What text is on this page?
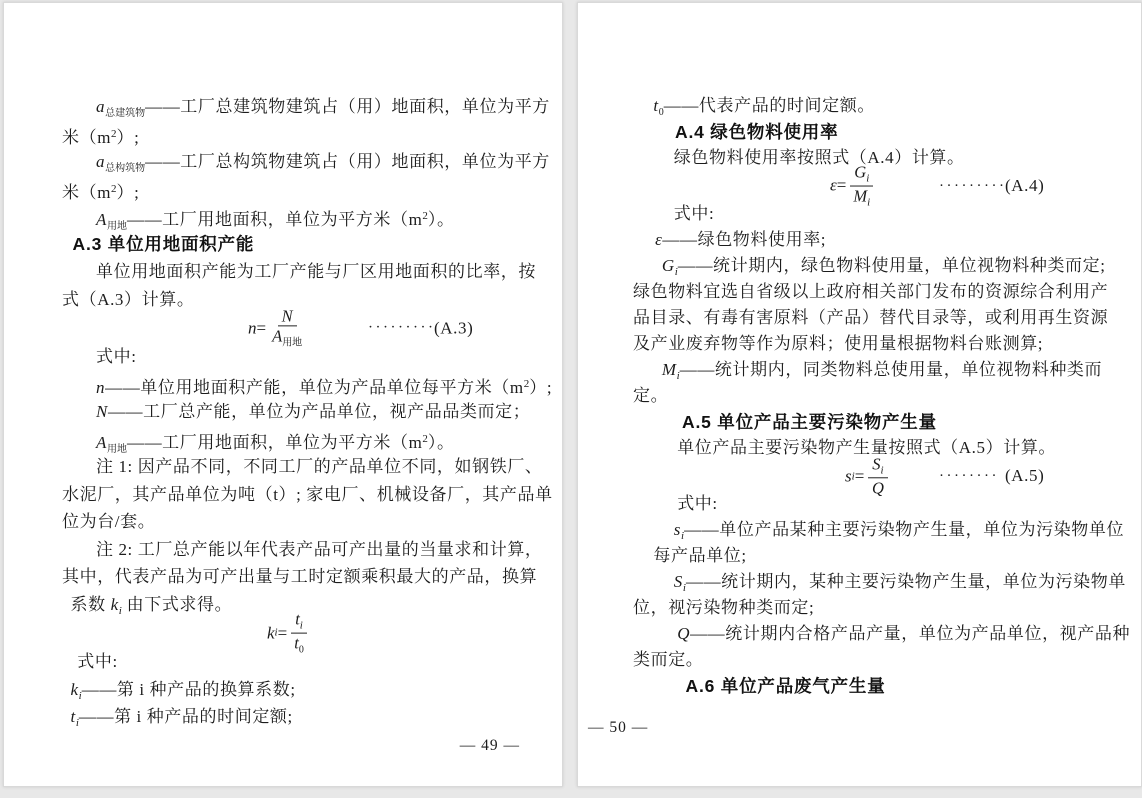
$a_{总建筑物}——$工厂总建筑物建筑占（用）地面积，单位为平方
米$(m^2)$;
$a_{总构筑物}——$工厂总构筑物建筑占（用）地面积，单位为平方
米$(m^2)$;
$A_{用地}——$工厂用地面积，单位为平方米$(m^2)$。
A.3 单位用地面积产能
单位用地面积产能为工厂产能与厂区用地面积的比率，按
式（A.3）计算。
$n = \frac{N}{A_{用地}}$	·········
(A.3)
式中:
n——单位用地面积产能，单位为产品单位每平方米$(m^2)$;
N——工厂总产能，单位为产品单位，视产品品类而定；
$A_{用地}——$工厂用地面积，单位为平方米$(m^2)$。
注 1: 因产品不同，不同工厂的产品单位不同，如钢铁厂、
水泥厂，其产品单位为吨（t）; 家电厂、机械设备厂，其产品单
位为台/套。
注 2: 工厂总产能以年代表产品可产出量的当量求和计算，
其中，代表产品为可产出量与工时定额乘积最大的产品，换算
系数 $k_i$ 由下式求得。
k $i = \frac{t_i}{t_0}$
式中:
$k_i——$第 i 种产品的换算系数;
$t_i——$第 i 种产品的时间定额;
— 49 —
$t_0——$代表产品的时间定额。
A.4 绿色物料使用率
绿色物料使用率按照式（A.4）计算。
$\varepsilon = \frac{G_i}{M_i}$	·········
(A.4)
式中:
ε——绿色物料使用率;
$G_i——$统计期内，绿色物料使用量，单位视物料种类而定;
绿色物料宜选自省级以上政府相关部门发布的资源综合利用产
品目录、有毒有害原料（产品）替代目录等，或利用再生资源
及产业废弃物等作为原料；使用量根据物料台账测算;
$M_i——$统计期内，同类物料总使用量，单位视物料种类而
定。
A.5 单位产品主要污染物产生量
单位产品主要污染物产生量按照式（A.5）计算。
s $i = \frac{S_i}{Q}$	········ (A.5)
式中:
$s_i——$单位产品某种主要污染物产生量，单位为污染物单位
每产品单位;
$S_i——$统计期内，某种主要污染物产生量，单位为污染物单
位，视污染物种类而定;
Q——统计期内合格产品产量，单位为产品单位，视产品种
类而定。
A.6 单位产品废气产生量
— 50 —
